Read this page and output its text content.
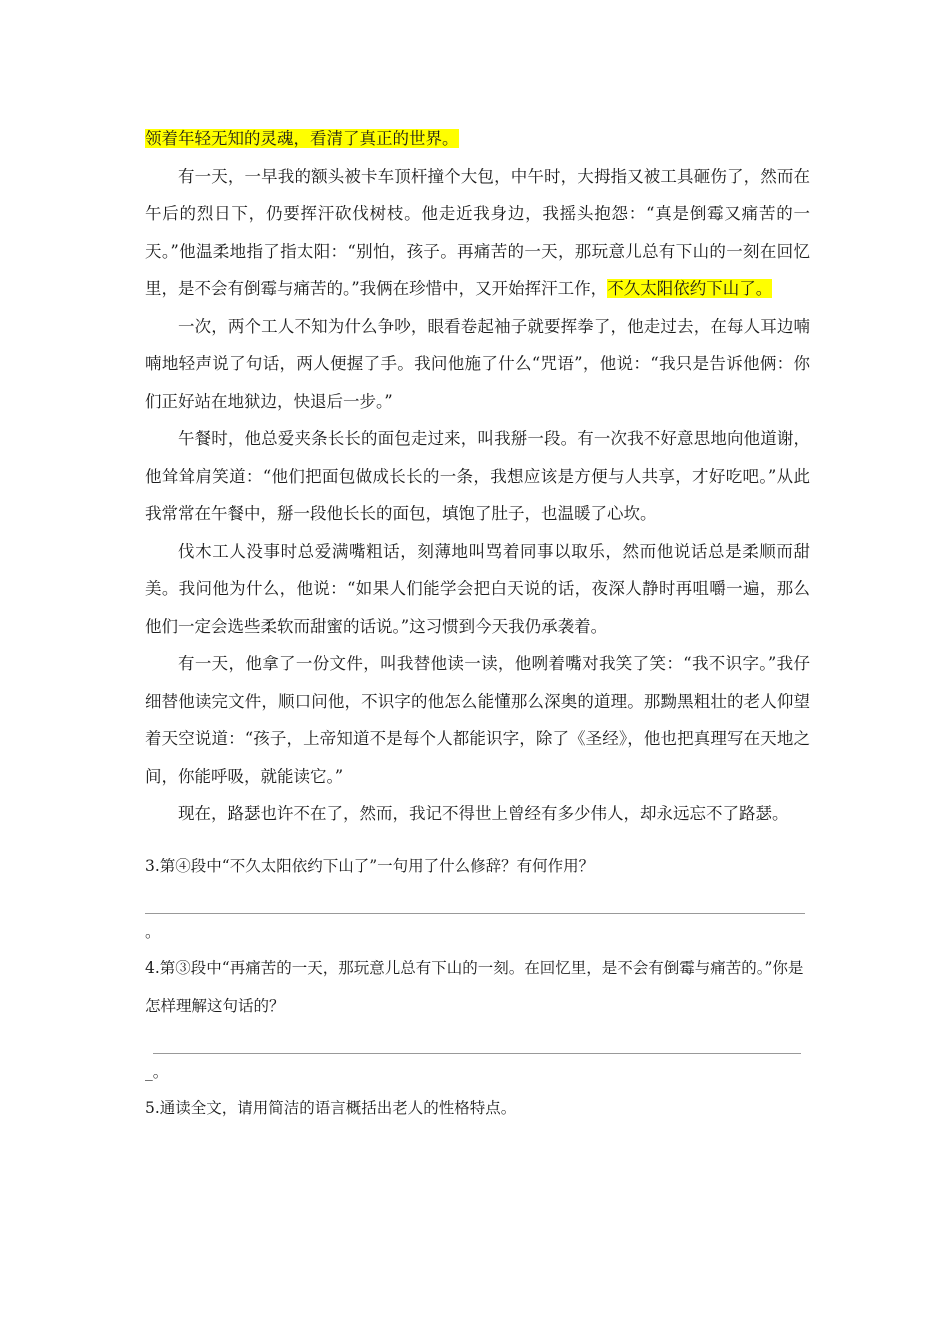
领着年轻无知的灵魂，看清了真正的世界。

有一天，一早我的额头被卡车顶杆撞个大包，中午时，大拇指又被工具砸伤了，然而在午后的烈日下，仍要挥汗砍伐树枝。他走近我身边，我摇头抱怨：“真是倒霉又痛苦的一天。”他温柔地指了指太阳：“别怕，孩子。再痛苦的一天，那玩意儿总有下山的一刻在回忆里，是不会有倒霉与痛苦的。”我俩在珍惜中，又开始挥汗工作，不久太阳依约下山了。

一次，两个工人不知为什么争吵，眼看卷起袖子就要挥拳了，他走过去，在每人耳边喃喃地轻声说了句话，两人便握了手。我问他施了什么“咒语”，他说：“我只是告诉他俩：你们正好站在地狱边，快退后一步。”

午餐时，他总爱夹条长长的面包走过来，叫我掰一段。有一次我不好意思地向他道谢，他耸耸肩笑道：“他们把面包做成长长的一条，我想应该是方便与人共享，才好吃吧。”从此我常常在午餐中，掰一段他长长的面包，填饱了肚子，也温暖了心坎。

伐木工人没事时总爱满嘴粗话，刻薄地叫骂着同事以取乐，然而他说话总是柔顺而甜美。我问他为什么，他说：“如果人们能学会把白天说的话，夜深人静时再咀嚼一遍，那么他们一定会选些柔软而甜蜜的话说。”这习惯到今天我仍承袭着。

有一天，他拿了一份文件，叫我替他读一读，他咧着嘴对我笑了笑：“我不识字。”我仔细替他读完文件，顺口问他，不识字的他怎么能懂那么深奥的道理。那黝黑粗壮的老人仰望着天空说道：“孩子，上帝知道不是每个人都能识字，除了《圣经》，他也把真理写在天地之间，你能呼吸，就能读它。”

现在，路瑟也许不在了，然而，我记不得世上曾经有多少伟人，却永远忘不了路瑟。

3.第④段中“不久太阳依约下山了”一句用了什么修辞？有何作用？

。

4.第③段中“再痛苦的一天，那玩意儿总有下山的一刻。在回忆里，是不会有倒霉与痛苦的。”你是怎样理解这句话的？

_。

5.通读全文，请用简洁的语言概括出老人的性格特点。
